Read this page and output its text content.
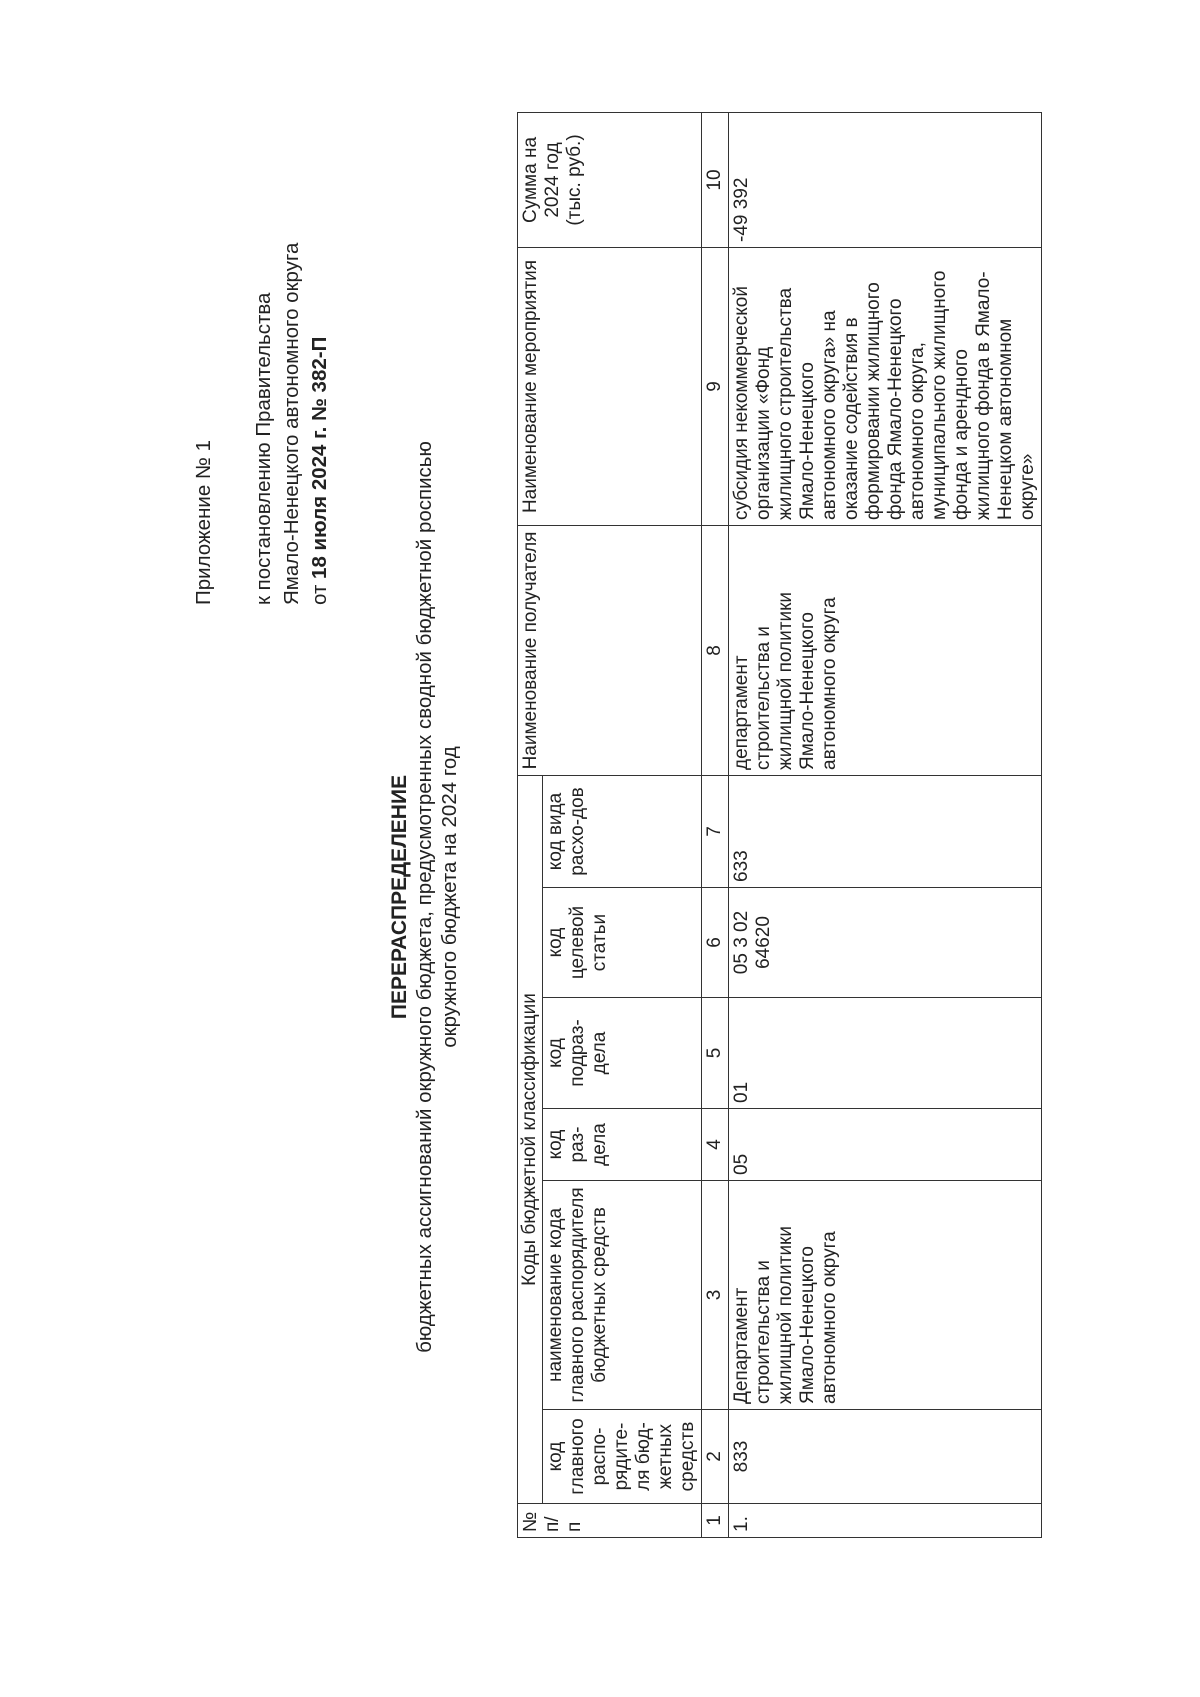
Приложение № 1 к постановлению Правительства Ямало-Ненецкого автономного округа от 18 июля 2024 г. № 382-П
ПЕРЕРАСПРЕДЕЛЕНИЕ бюджетных ассигнований окружного бюджета, предусмотренных сводной бюджетной росписью окружного бюджета на 2024 год
№ п/п	Коды бюджетной классификации						Наименование получателя	Наименование мероприятия	Сумма на 2024 год (тыс. руб.)
	код главного распо-рядите-ля бюд-жетных средств	наименование кода главного распорядителя бюджетных средств	код раз-дела	код подраз-дела	код целевой статьи	код вида расхо-дов			
1	2	3	4	5	6	7	8	9	10
1.	833	Департамент строительства и жилищной политики Ямало-Ненецкого автономного округа	05	01	05 3 02 64620	633	департамент строительства и жилищной политики Ямало-Ненецкого автономного округа	субсидия некоммерческой организации «Фонд жилищного строительства Ямало-Ненецкого автономного округа» на оказание содействия в формировании жилищного фонда Ямало-Ненецкого автономного округа, муниципального жилищного фонда и арендного жилищного фонда в Ямало-Ненецком автономном округе»	-49 392
